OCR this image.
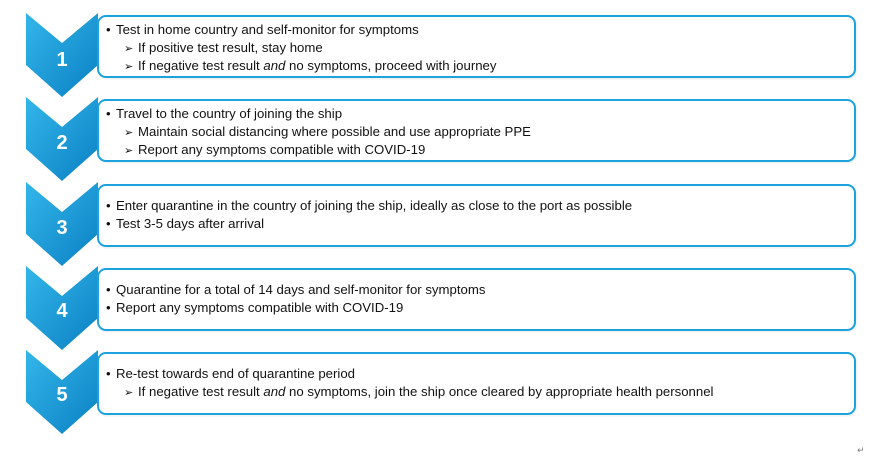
1
• Test in home country and self-monitor for symptoms
➢ If positive test result, stay home
➢ If negative test result and no symptoms, proceed with journey
2
• Travel to the country of joining the ship
➢ Maintain social distancing where possible and use appropriate PPE
➢ Report any symptoms compatible with COVID-19
3
• Enter quarantine in the country of joining the ship, ideally as close to the port as possible
• Test 3-5 days after arrival
4
• Quarantine for a total of 14 days and self-monitor for symptoms
• Report any symptoms compatible with COVID-19
5
• Re-test towards end of quarantine period
➢ If negative test result and no symptoms, join the ship once cleared by appropriate health personnel
↵
